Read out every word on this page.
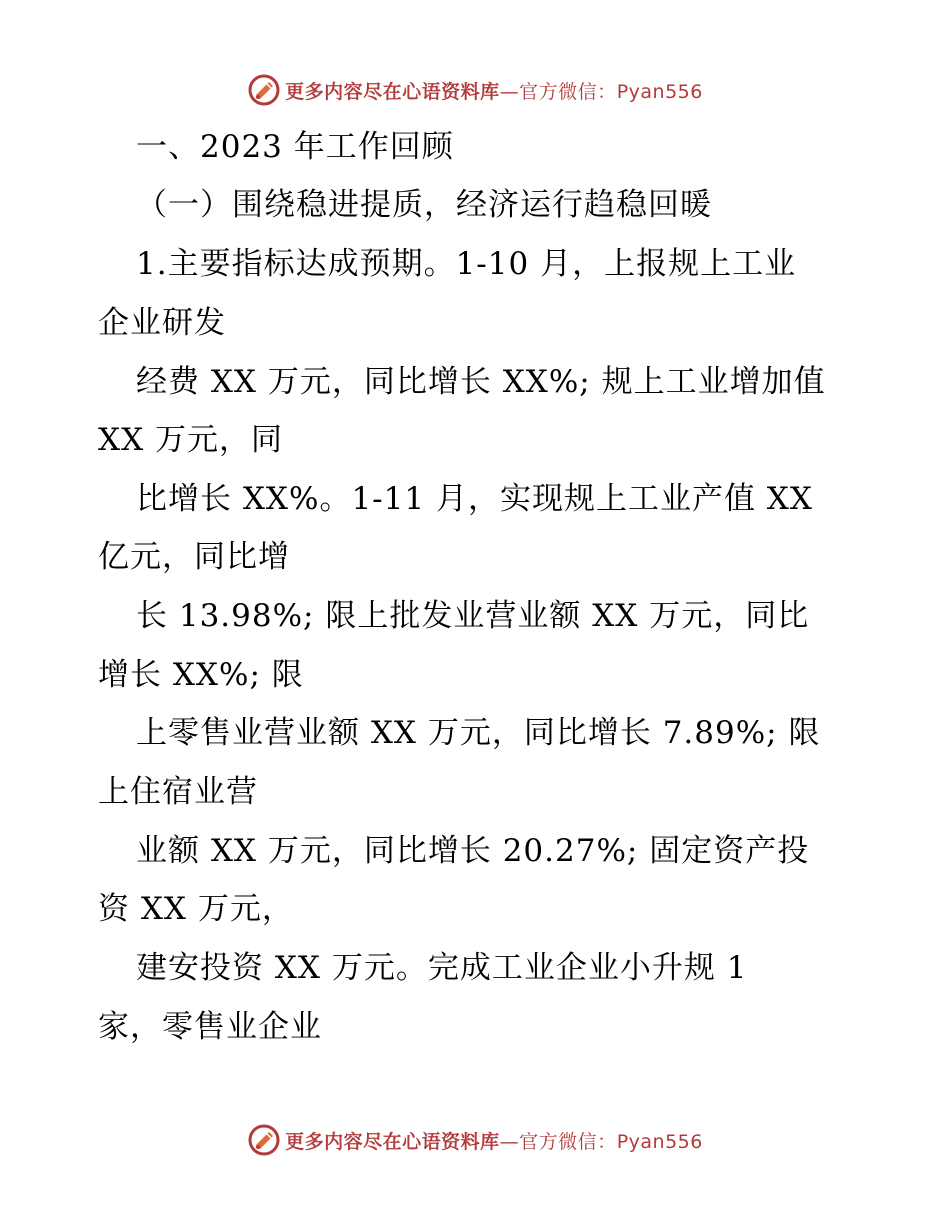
更多内容尽在心语资料库—官方微信：Pyan556
一、2023 年工作回顾
（一）围绕稳进提质，经济运行趋稳回暖
1.主要指标达成预期。1-10 月，上报规上工业
企业研发
经费 XX 万元，同比增长 XX%; 规上工业增加值
XX 万元，同
比增长 XX%。1-11 月，实现规上工业产值 XX
亿元，同比增
长 13.98%; 限上批发业营业额 XX 万元，同比
增长 XX%; 限
上零售业营业额 XX 万元，同比增长 7.89%; 限
上住宿业营
业额 XX 万元，同比增长 20.27%; 固定资产投
资 XX 万元，
建安投资 XX 万元。完成工业企业小升规 1
家，零售业企业
更多内容尽在心语资料库—官方微信：Pyan556
